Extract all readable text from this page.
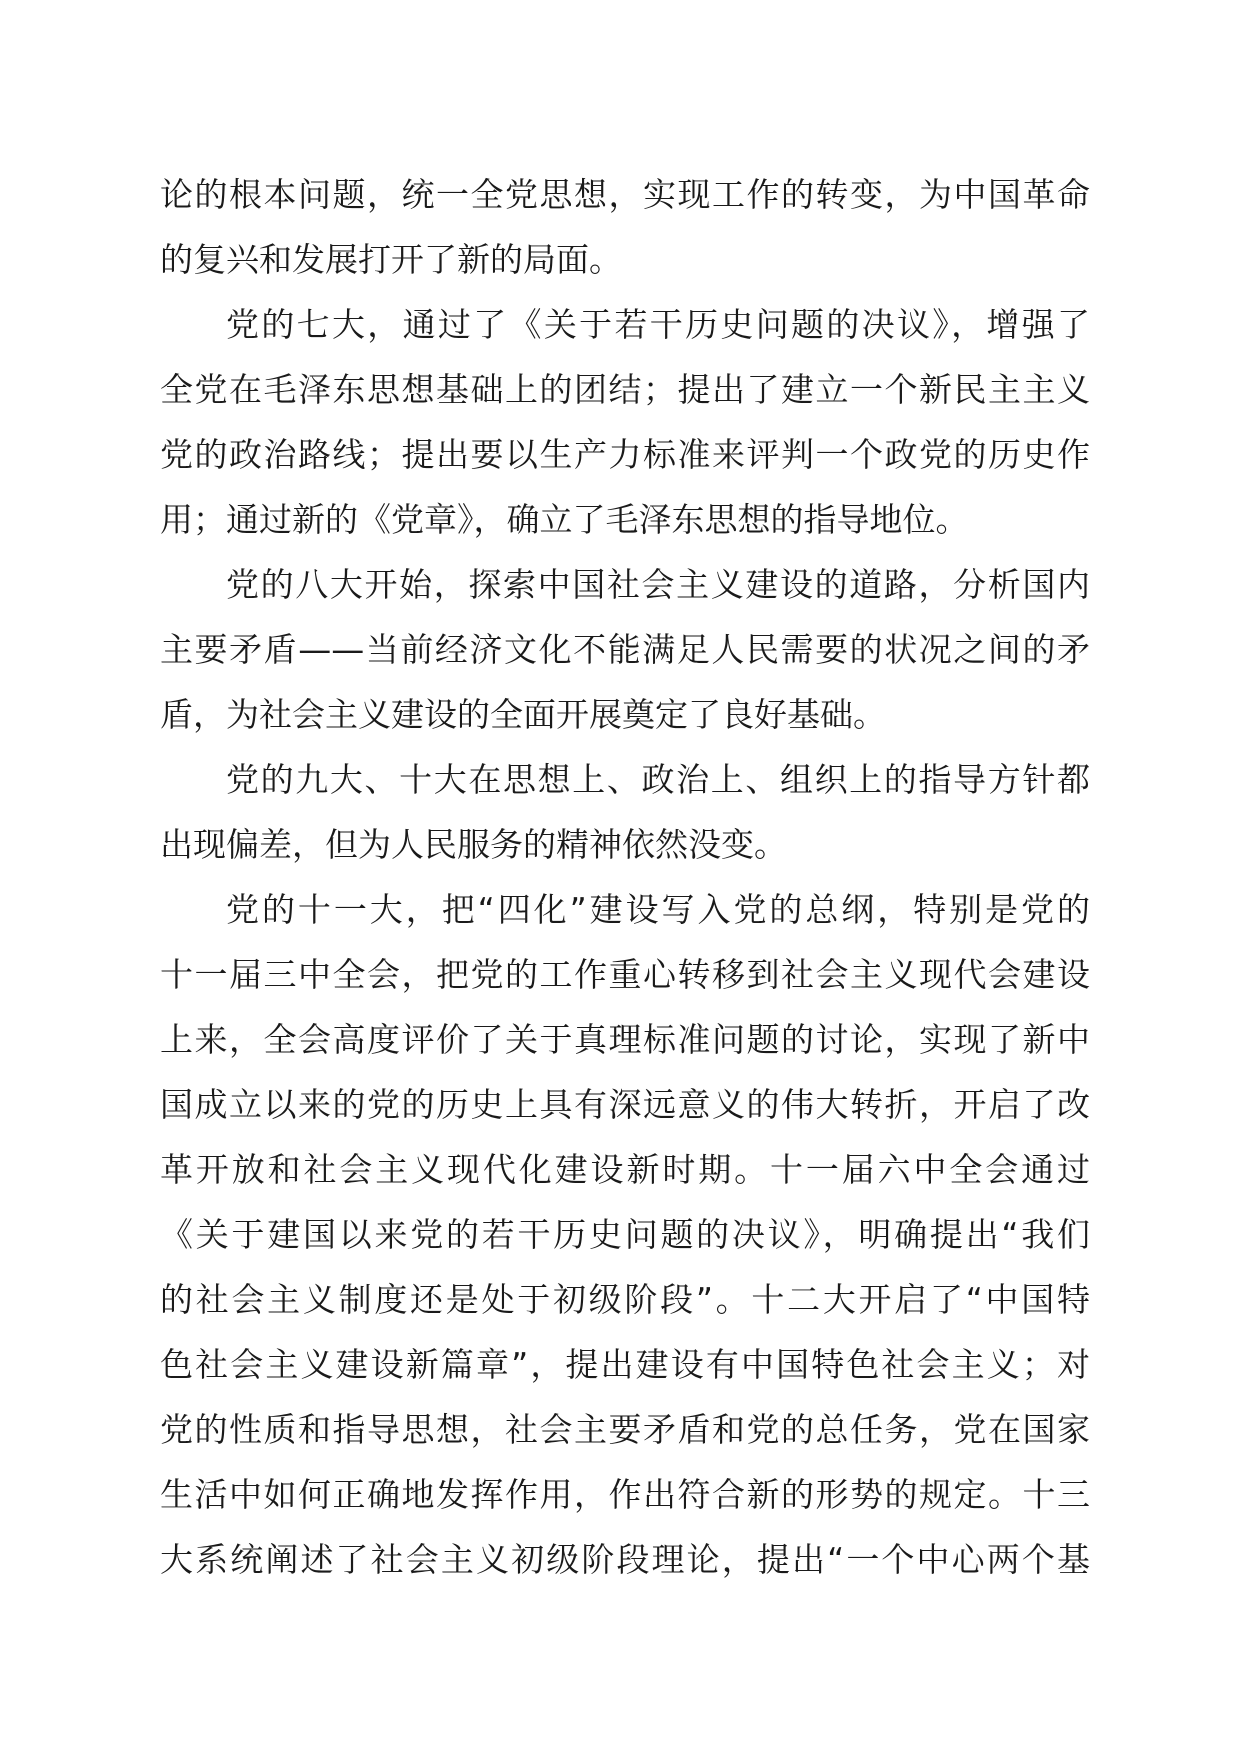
论的根本问题，统一全党思想，实现工作的转变，为中国革命
的复兴和发展打开了新的局面。
党的七大，通过了《关于若干历史问题的决议》，增强了
全党在毛泽东思想基础上的团结；提出了建立一个新民主主义
党的政治路线；提出要以生产力标准来评判一个政党的历史作
用；通过新的《党章》，确立了毛泽东思想的指导地位。
党的八大开始，探索中国社会主义建设的道路，分析国内
主要矛盾——当前经济文化不能满足人民需要的状况之间的矛
盾，为社会主义建设的全面开展奠定了良好基础。
党的九大、十大在思想上、政治上、组织上的指导方针都
出现偏差，但为人民服务的精神依然没变。
党的十一大，把“四化”建设写入党的总纲，特别是党的
十一届三中全会，把党的工作重心转移到社会主义现代会建设
上来，全会高度评价了关于真理标准问题的讨论，实现了新中
国成立以来的党的历史上具有深远意义的伟大转折，开启了改
革开放和社会主义现代化建设新时期。十一届六中全会通过
《关于建国以来党的若干历史问题的决议》，明确提出“我们
的社会主义制度还是处于初级阶段”。十二大开启了“中国特
色社会主义建设新篇章”，提出建设有中国特色社会主义；对
党的性质和指导思想，社会主要矛盾和党的总任务，党在国家
生活中如何正确地发挥作用，作出符合新的形势的规定。十三
大系统阐述了社会主义初级阶段理论，提出“一个中心两个基
